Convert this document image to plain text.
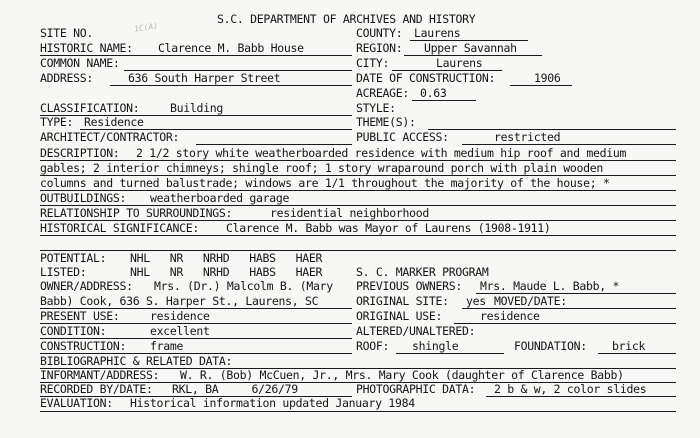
S.C. DEPARTMENT OF ARCHIVES AND HISTORY
SITE NO.	1C(A)	COUNTY: Laurens
HISTORIC NAME: Clarence M. Babb House	REGION: Upper Savannah
COMMON NAME:	CITY:	Laurens
ADDRESS:	636 South Harper Street	DATE OF CONSTRUCTION:	1906
ACREAGE: 0.63
CLASSIFICATION:	Building	STYLE:
TYPE: Residence	THEME(S):
ARCHITECT/CONTRACTOR:	PUBLIC ACCESS:	restricted
DESCRIPTION: 2 1/2 story white weatherboarded residence with medium hip roof and medium
gables; 2 interior chimneys; shingle roof; 1 story wraparound porch with plain wooden
columns and turned balustrade; windows are 1/1 throughout the majority of the house; *
OUTBUILDINGS: weatherboarded garage
RELATIONSHIP TO SURROUNDINGS:	residential neighborhood
HISTORICAL SIGNIFICANCE: Clarence M. Babb was Mayor of Laurens (1908-1911)
POTENTIAL: NHL   NR   NRHD   HABS   HAER
LISTED:	NHL   NR   NRHD   HABS   HAER	S. C. MARKER PROGRAM
OWNER/ADDRESS: Mrs. (Dr.) Malcolm B. (Mary PREVIOUS OWNERS: Mrs. Maude L. Babb, *
Babb) Cook, 636 S. Harper St., Laurens, SC	ORIGINAL SITE: yes MOVED/DATE:
PRESENT USE:	residence	ORIGINAL USE:	residence
CONDITION:	excellent	ALTERED/UNALTERED:
CONSTRUCTION: frame	ROOF: shingle	FOUNDATION: brick
BIBLIOGRAPHIC & RELATED DATA:
INFORMANT/ADDRESS: W. R. (Bob) McCuen, Jr., Mrs. Mary Cook (daughter of Clarence Babb)
RECORDED BY/DATE: RKL, BA     6/26/79	PHOTOGRAPHIC DATA: 2 b & w, 2 color slides
EVALUATION: Historical information updated January 1984
